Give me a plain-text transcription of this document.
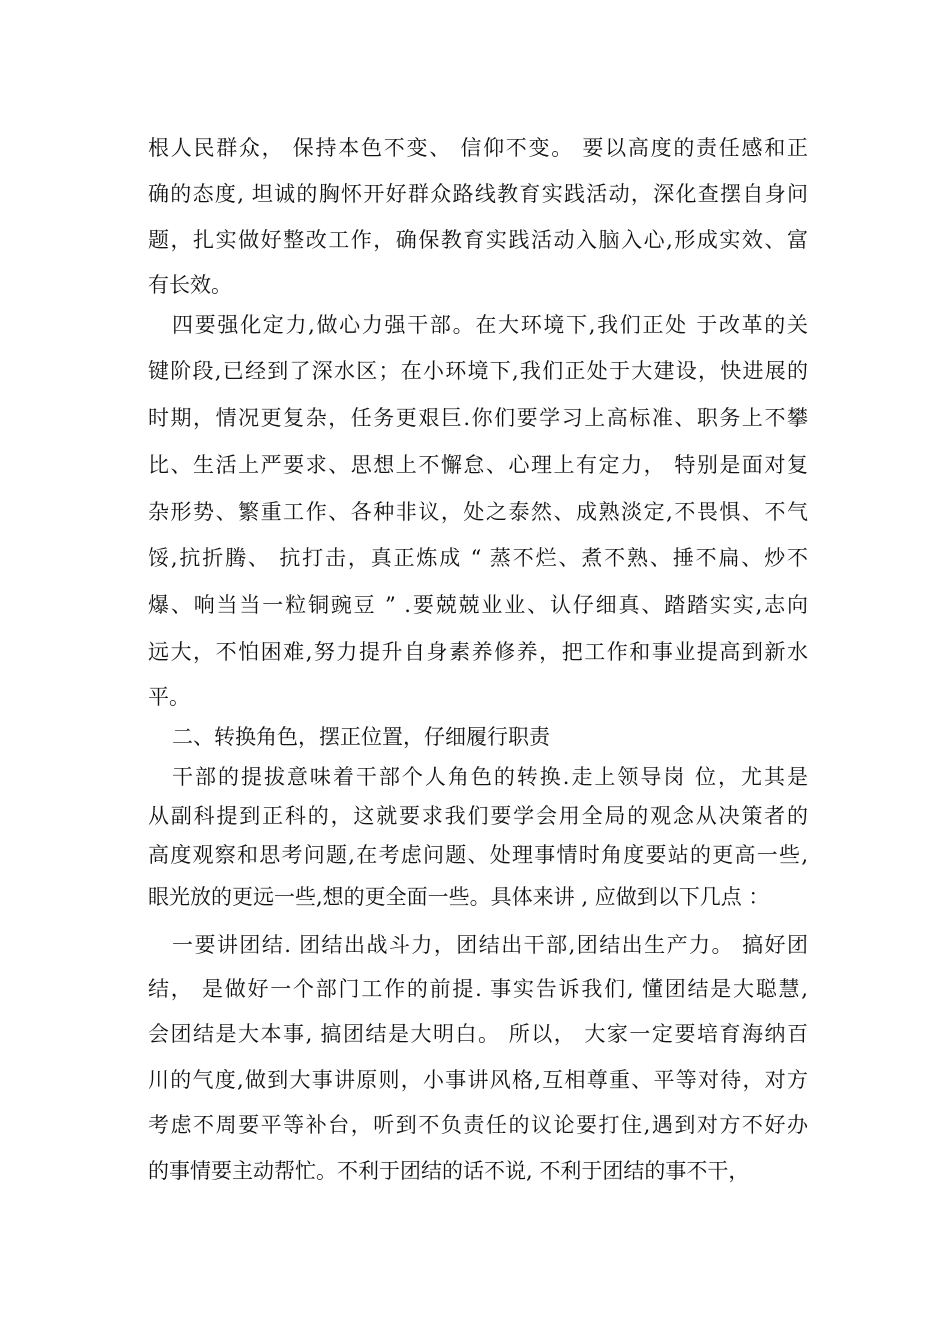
根人民群众， 保持本色不变、 信仰不变。 要以高度的责任感和正

确的态度, 坦诚的胸怀开好群众路线教育实践活动，深化查摆自身问

题，扎实做好整改工作，确保教育实践活动入脑入心,形成实效、富

有长效。

四要强化定力,做心力强干部。在大环境下,我们正处 于改革的关

键阶段,已经到了深水区；在小环境下,我们正处于大建设，快进展的

时期，情况更复杂，任务更艰巨.你们要学习上高标准、职务上不攀

比、生活上严要求、思想上不懈怠、心理上有定力， 特别是面对复

杂形势、繁重工作、各种非议，处之泰然、成熟淡定,不畏惧、不气

馁,抗折腾、 抗打击，真正炼成 “ 蒸不烂、煮不熟、捶不扁、炒不

爆、响当当一粒铜豌豆 ” .要兢兢业业、认仔细真、踏踏实实,志向

远大，不怕困难,努力提升自身素养修养，把工作和事业提高到新水

平。

二、转换角色，摆正位置，仔细履行职责

干部的提拔意味着干部个人角色的转换.走上领导岗 位，尤其是

从副科提到正科的，这就要求我们要学会用全局的观念从决策者的

高度观察和思考问题,在考虑问题、处理事情时角度要站的更高一些,

眼光放的更远一些,想的更全面一些。具体来讲 , 应做到以下几点 ：

一要讲团结. 团结出战斗力，团结出干部,团结出生产力。 搞好团

结， 是做好一个部门工作的前提. 事实告诉我们, 懂团结是大聪慧,

会团结是大本事, 搞团结是大明白。 所以， 大家一定要培育海纳百

川的气度,做到大事讲原则，小事讲风格,互相尊重、平等对待，对方

考虑不周要平等补台，听到不负责任的议论要打住,遇到对方不好办

的事情要主动帮忙。不利于团结的话不说, 不利于团结的事不干，
